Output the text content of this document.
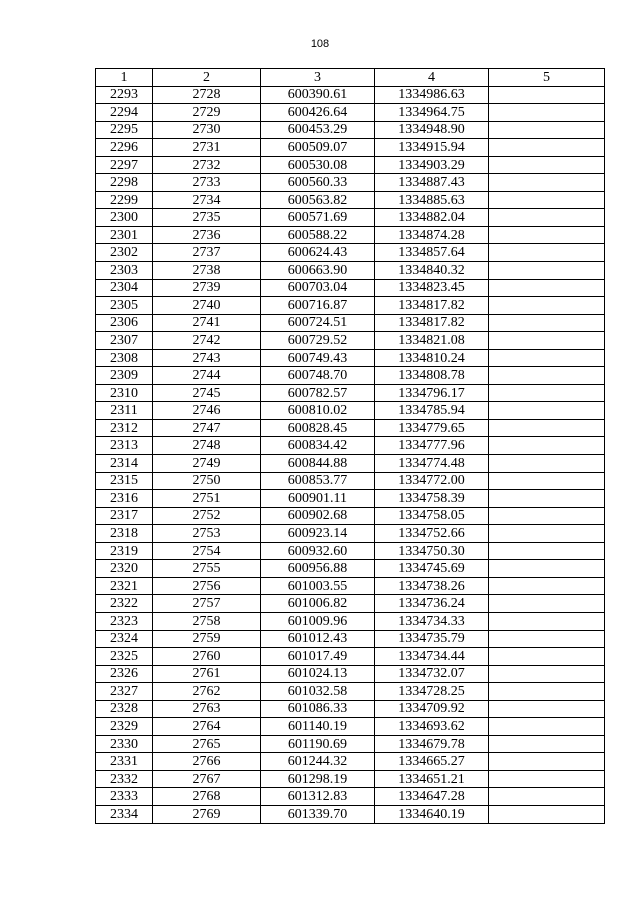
108
1	2	3	4	5
2293	2728	600390.61	1334986.63	
2294	2729	600426.64	1334964.75	
2295	2730	600453.29	1334948.90	
2296	2731	600509.07	1334915.94	
2297	2732	600530.08	1334903.29	
2298	2733	600560.33	1334887.43	
2299	2734	600563.82	1334885.63	
2300	2735	600571.69	1334882.04	
2301	2736	600588.22	1334874.28	
2302	2737	600624.43	1334857.64	
2303	2738	600663.90	1334840.32	
2304	2739	600703.04	1334823.45	
2305	2740	600716.87	1334817.82	
2306	2741	600724.51	1334817.82	
2307	2742	600729.52	1334821.08	
2308	2743	600749.43	1334810.24	
2309	2744	600748.70	1334808.78	
2310	2745	600782.57	1334796.17	
2311	2746	600810.02	1334785.94	
2312	2747	600828.45	1334779.65	
2313	2748	600834.42	1334777.96	
2314	2749	600844.88	1334774.48	
2315	2750	600853.77	1334772.00	
2316	2751	600901.11	1334758.39	
2317	2752	600902.68	1334758.05	
2318	2753	600923.14	1334752.66	
2319	2754	600932.60	1334750.30	
2320	2755	600956.88	1334745.69	
2321	2756	601003.55	1334738.26	
2322	2757	601006.82	1334736.24	
2323	2758	601009.96	1334734.33	
2324	2759	601012.43	1334735.79	
2325	2760	601017.49	1334734.44	
2326	2761	601024.13	1334732.07	
2327	2762	601032.58	1334728.25	
2328	2763	601086.33	1334709.92	
2329	2764	601140.19	1334693.62	
2330	2765	601190.69	1334679.78	
2331	2766	601244.32	1334665.27	
2332	2767	601298.19	1334651.21	
2333	2768	601312.83	1334647.28	
2334	2769	601339.70	1334640.19	
